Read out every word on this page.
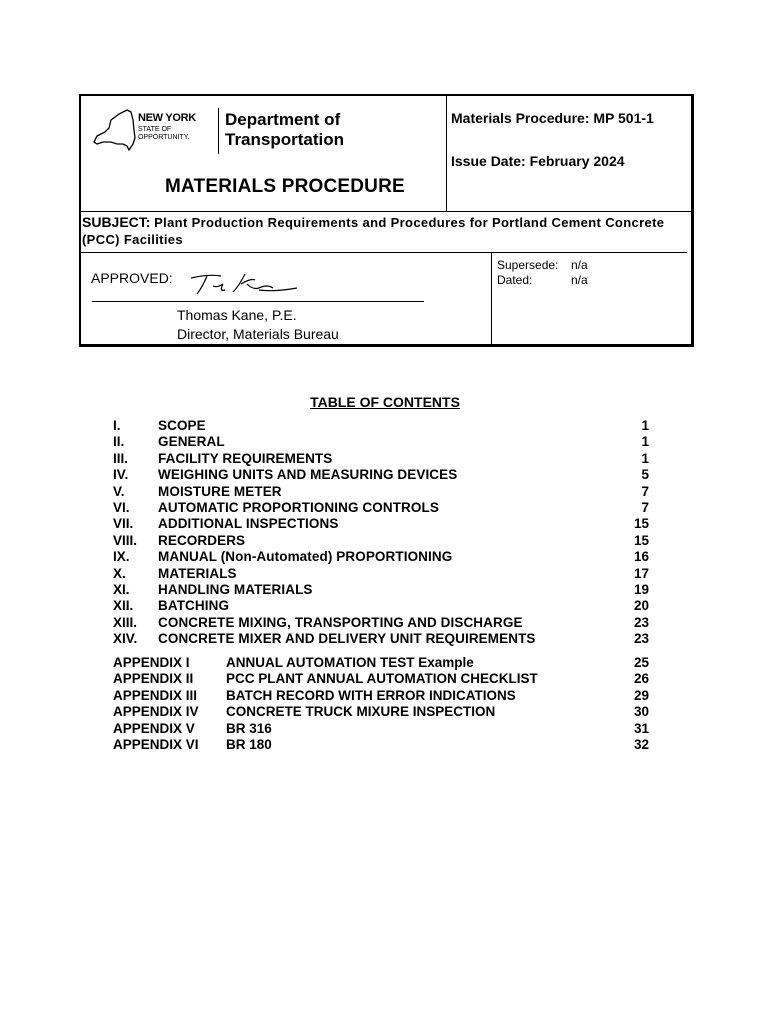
NEW YORK
STATE OF
OPPORTUNITY.
Department of
Transportation
MATERIALS PROCEDURE
Materials Procedure: MP 501-1
Issue Date: February 2024
SUBJECT: Plant Production Requirements and Procedures for Portland Cement Concrete (PCC) Facilities
APPROVED:
Thomas Kane, P.E.
Director, Materials Bureau
Supersede: n/a
Dated:	n/a
TABLE OF CONTENTS
I.	SCOPE	1
II. GENERAL	1
III. FACILITY REQUIREMENTS	1
IV. WEIGHING UNITS AND MEASURING DEVICES	5
V. MOISTURE METER	7
VI. AUTOMATIC PROPORTIONING CONTROLS	7
VII. ADDITIONAL INSPECTIONS	15
VIII. RECORDERS	15
IX. MANUAL (Non-Automated) PROPORTIONING	16
X. MATERIALS	17
XI. HANDLING MATERIALS	19
XII. BATCHING	20
XIII. CONCRETE MIXING, TRANSPORTING AND DISCHARGE	23
XIV. CONCRETE MIXER AND DELIVERY UNIT REQUIREMENTS	23
APPENDIX I	ANNUAL AUTOMATION TEST Example	25
APPENDIX II PCC PLANT ANNUAL AUTOMATION CHECKLIST	26
APPENDIX III BATCH RECORD WITH ERROR INDICATIONS	29
APPENDIX IV CONCRETE TRUCK MIXURE INSPECTION	30
APPENDIX V BR 316	31
APPENDIX VI BR 180	32
